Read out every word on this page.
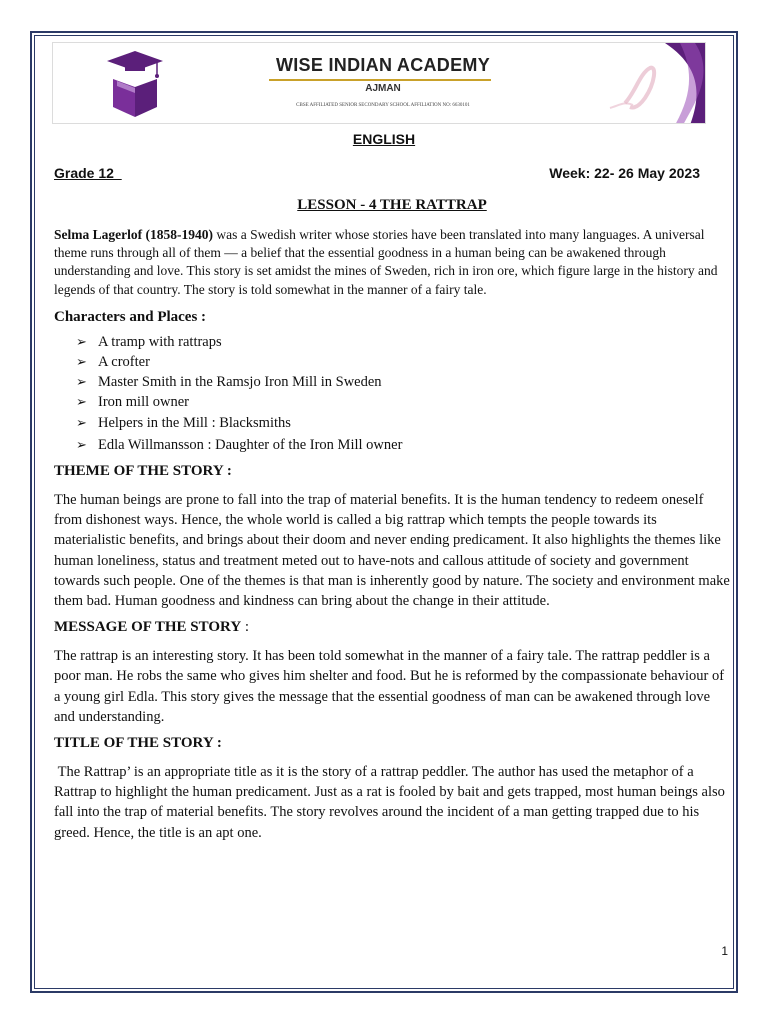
WISE INDIAN ACADEMY
AJMAN
CBSE AFFILIATED SENIOR SECONDARY SCHOOL AFFILIATION NO: 6630101
ENGLISH
Grade 12	Week: 22- 26 May 2023
LESSON - 4 THE RATTRAP

Selma Lagerlof (1858-1940) was a Swedish writer whose stories have been translated into many languages. A universal theme runs through all of them — a belief that the essential goodness in a human being can be awakened through understanding and love. This story is set amidst the mines of Sweden, rich in iron ore, which figure large in the history and legends of that country. The story is told somewhat in the manner of a fairy tale.

Characters and Places :

➢ A tramp with rattraps
➢ A crofter
➢ Master Smith in the Ramsjo Iron Mill in Sweden
➢ Iron mill owner
➢ Helpers in the Mill : Blacksmiths
➢ Edla Willmansson : Daughter of the Iron Mill owner

THEME OF THE STORY :

The human beings are prone to fall into the trap of material benefits. It is the human tendency to redeem oneself from dishonest ways. Hence, the whole world is called a big rattrap which tempts the people towards its materialistic benefits, and brings about their doom and never ending predicament. It also highlights the themes like human loneliness, status and treatment meted out to have-nots and callous attitude of society and government towards such people. One of the themes is that man is inherently good by nature. The society and environment make them bad. Human goodness and kindness can bring about the change in their attitude.

MESSAGE OF THE STORY :

The rattrap is an interesting story. It has been told somewhat in the manner of a fairy tale. The rattrap peddler is a poor man. He robs the same who gives him shelter and food. But he is reformed by the compassionate behaviour of a young girl Edla. This story gives the message that the essential goodness of man can be awakened through love and understanding.

TITLE OF THE STORY :

The Rattrap’ is an appropriate title as it is the story of a rattrap peddler. The author has used the metaphor of a Rattrap to highlight the human predicament. Just as a rat is fooled by bait and gets trapped, most human beings also fall into the trap of material benefits. The story revolves around the incident of a man getting trapped due to his greed. Hence, the title is an apt one.

1
